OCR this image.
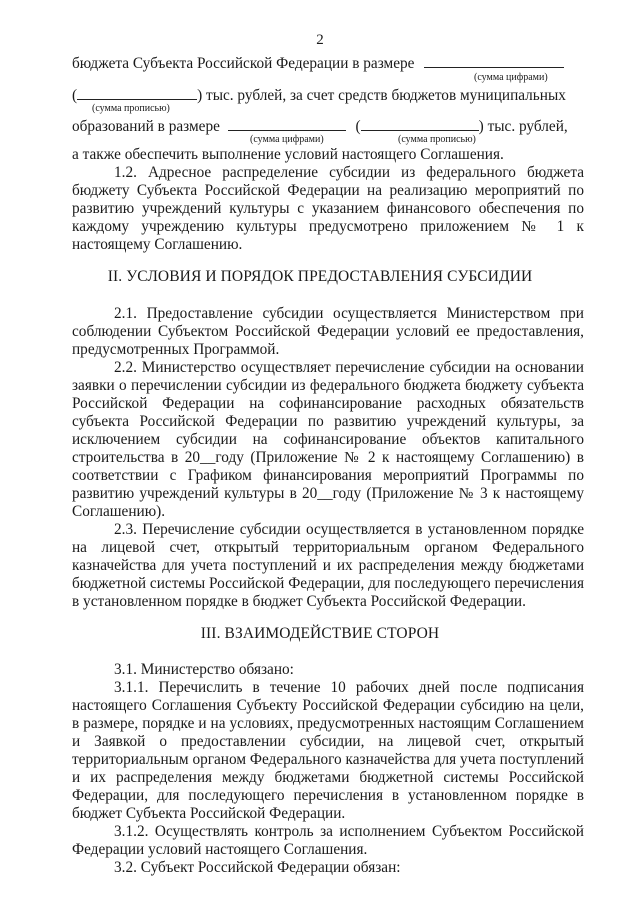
2
бюджета Субъекта Российской Федерации в размере
(сумма цифрами)
(	) тыс. рублей, за счет средств бюджетов муниципальных
(сумма прописью)
образований в размере	(	) тыс. рублей,
(сумма цифрами)	(сумма прописью)
а также обеспечить выполнение условий настоящего Соглашения.
1.2. Адресное распределение субсидии из федерального бюджета
бюджету Субъекта Российской Федерации на реализацию мероприятий по
развитию учреждений культуры с указанием финансового обеспечения по
каждому учреждению культуры предусмотрено приложением № 1 к
настоящему Соглашению.
II. УСЛОВИЯ И ПОРЯДОК ПРЕДОСТАВЛЕНИЯ СУБСИДИИ
2.1. Предоставление субсидии осуществляется Министерством при
соблюдении Субъектом Российской Федерации условий ее предоставления,
предусмотренных Программой.
2.2. Министерство осуществляет перечисление субсидии на основании
заявки о перечислении субсидии из федерального бюджета бюджету субъекта
Российской Федерации на софинансирование расходных обязательств
субъекта Российской Федерации по развитию учреждений культуры, за
исключением субсидии на софинансирование объектов капитального
строительства в 20__году (Приложение № 2 к настоящему Соглашению) в
соответствии с Графиком финансирования мероприятий Программы по
развитию учреждений культуры в 20__году (Приложение № 3 к настоящему
Соглашению).
2.3. Перечисление субсидии осуществляется в установленном порядке
на лицевой счет, открытый территориальным органом Федерального
казначейства для учета поступлений и их распределения между бюджетами
бюджетной системы Российской Федерации, для последующего перечисления
в установленном порядке в бюджет Субъекта Российской Федерации.
III. ВЗАИМОДЕЙСТВИЕ СТОРОН
3.1. Министерство обязано:
3.1.1. Перечислить в течение 10 рабочих дней после подписания
настоящего Соглашения Субъекту Российской Федерации субсидию на цели,
в размере, порядке и на условиях, предусмотренных настоящим Соглашением
и Заявкой о предоставлении субсидии, на лицевой счет, открытый
территориальным органом Федерального казначейства для учета поступлений
и их распределения между бюджетами бюджетной системы Российской
Федерации, для последующего перечисления в установленном порядке в
бюджет Субъекта Российской Федерации.
3.1.2. Осуществлять контроль за исполнением Субъектом Российской
Федерации условий настоящего Соглашения.
3.2. Субъект Российской Федерации обязан:
